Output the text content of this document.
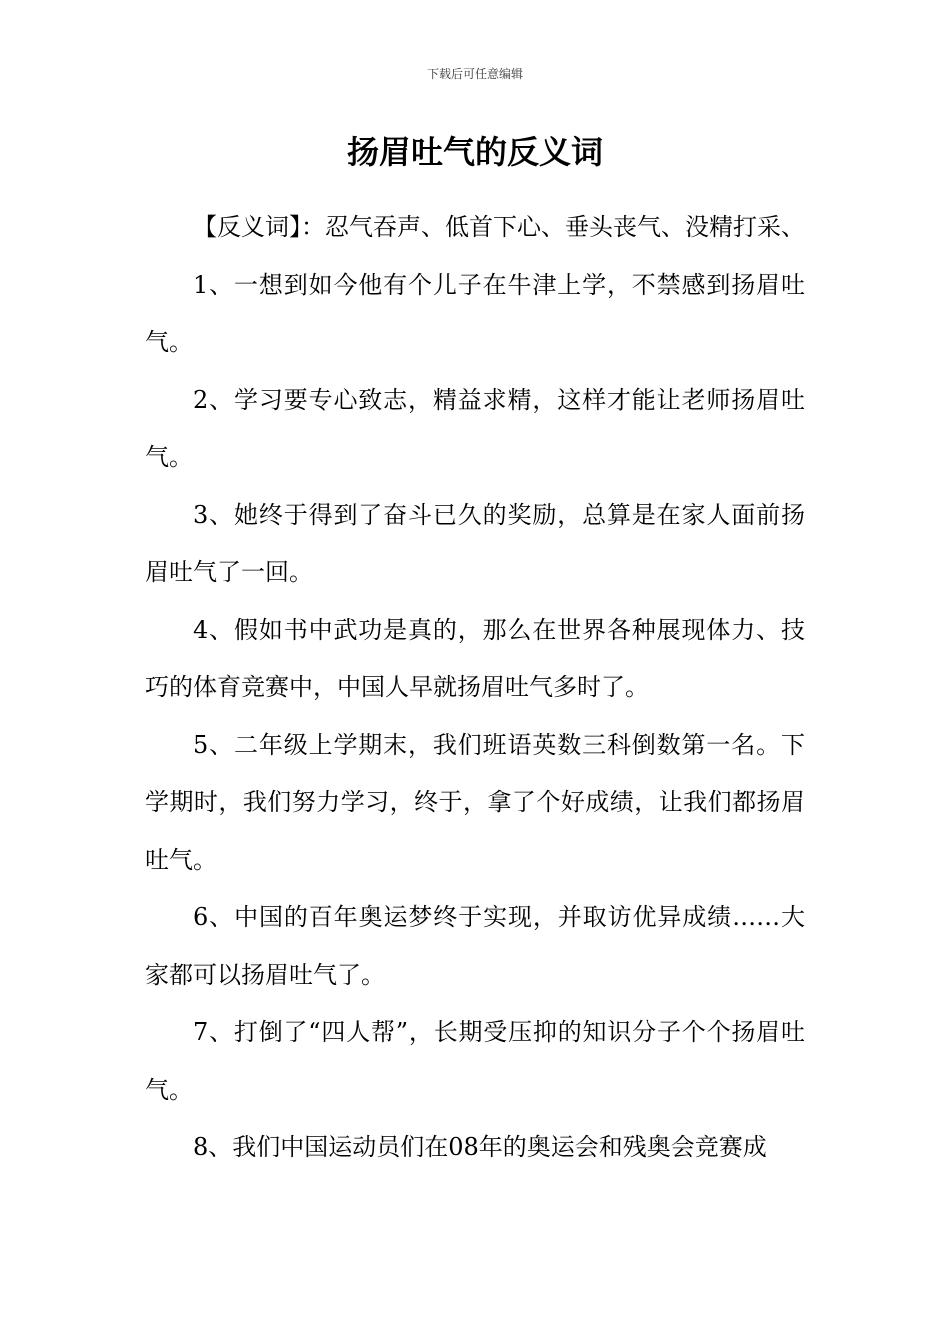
下载后可任意编辑
扬眉吐气的反义词

【反义词】：忍气吞声、低首下心、垂头丧气、没精打采、

1、一想到如今他有个儿子在牛津上学，不禁感到扬眉吐气。

2、学习要专心致志，精益求精，这样才能让老师扬眉吐气。

3、她终于得到了奋斗已久的奖励，总算是在家人面前扬眉吐气了一回。

4、假如书中武功是真的，那么在世界各种展现体力、技巧的体育竞赛中，中国人早就扬眉吐气多时了。

5、二年级上学期末，我们班语英数三科倒数第一名。下学期时，我们努力学习，终于，拿了个好成绩，让我们都扬眉吐气。

6、中国的百年奥运梦终于实现，并取访优异成绩……大家都可以扬眉吐气了。

7、打倒了“四人帮”，长期受压抑的知识分子个个扬眉吐气。

8、我们中国运动员们在08年的奥运会和残奥会竞赛成
